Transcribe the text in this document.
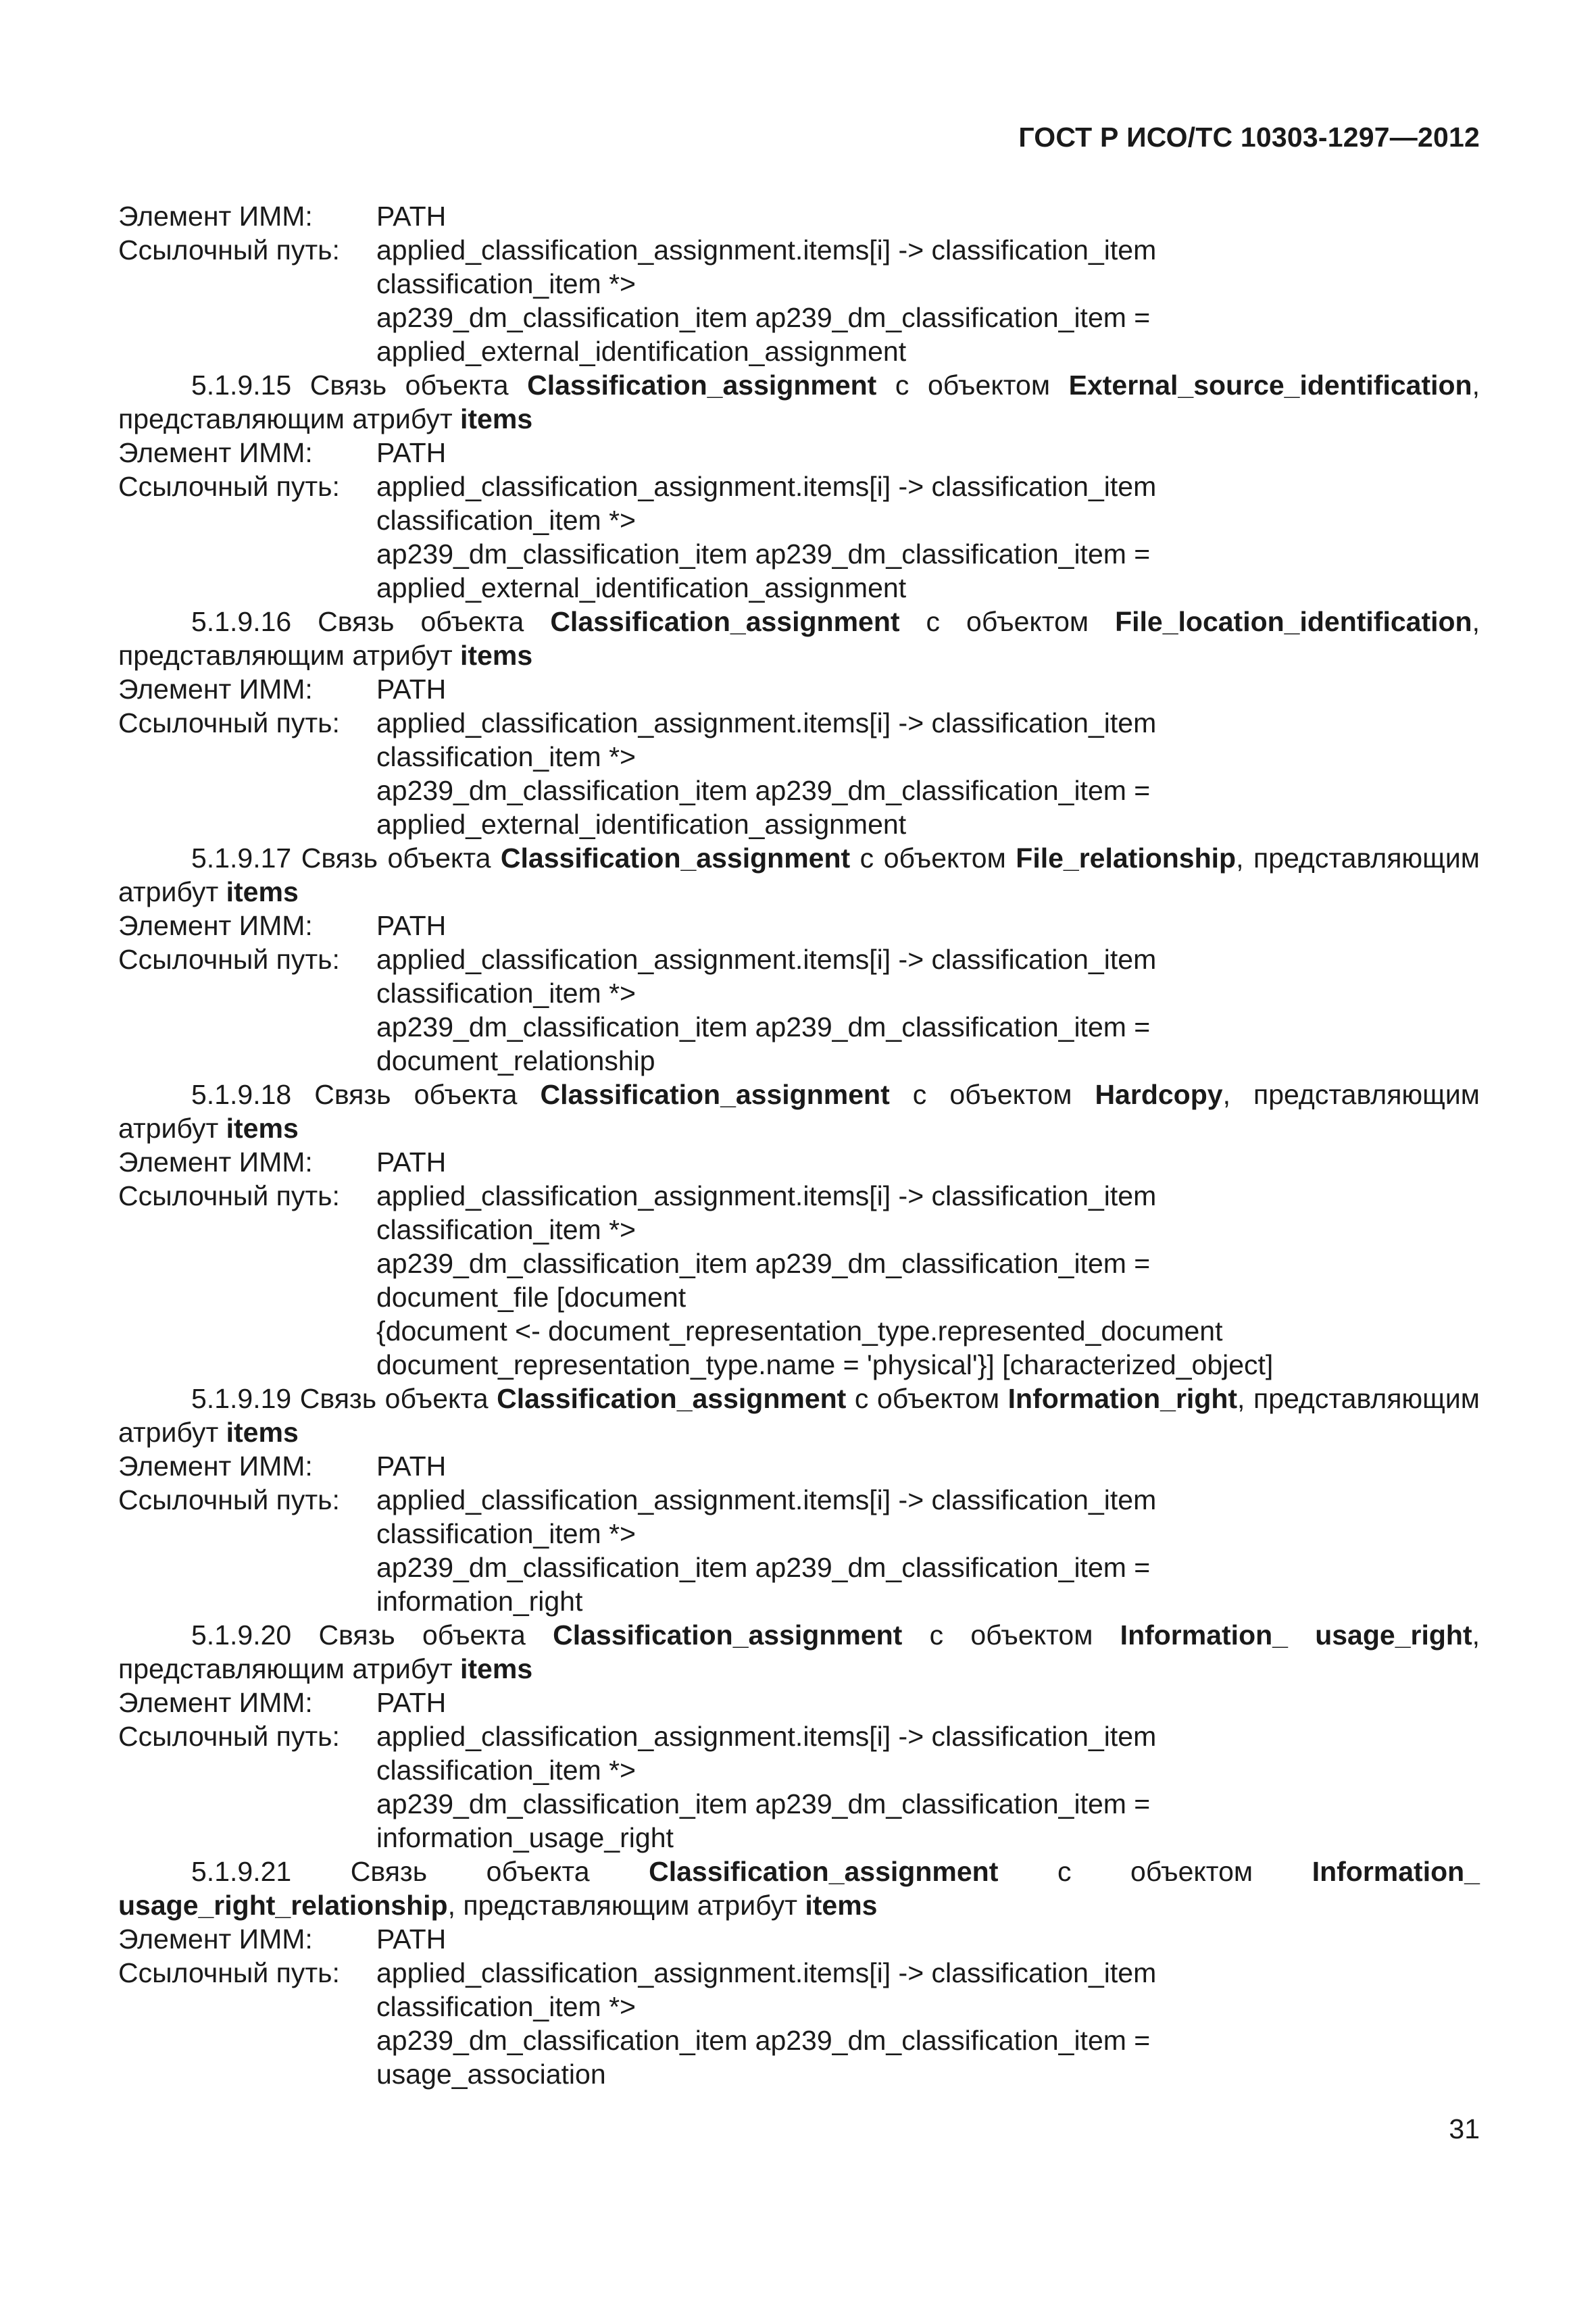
ГОСТ Р ИСО/ТС 10303-1297—2012
Элемент ИММ:	PATH
Ссылочный путь:	applied_classification_assignment.items[i] -> classification_item
classification_item *>
ap239_dm_classification_item ap239_dm_classification_item =
applied_external_identification_assignment

5.1.9.15 Связь объекта Classification_assignment с объектом External_source_identification, представляющим атрибут items

Элемент ИММ:	PATH
Ссылочный путь:	applied_classification_assignment.items[i] -> classification_item
classification_item *>
ap239_dm_classification_item ap239_dm_classification_item =
applied_external_identification_assignment

5.1.9.16 Связь объекта Classification_assignment с объектом File_location_identification, представляющим атрибут items

Элемент ИММ:	PATH
Ссылочный путь:	applied_classification_assignment.items[i] -> classification_item
classification_item *>
ap239_dm_classification_item ap239_dm_classification_item =
applied_external_identification_assignment

5.1.9.17 Связь объекта Classification_assignment с объектом File_relationship, представляющим атрибут items

Элемент ИММ:	PATH
Ссылочный путь:	applied_classification_assignment.items[i] -> classification_item
classification_item *>
ap239_dm_classification_item ap239_dm_classification_item =
document_relationship

5.1.9.18 Связь объекта Classification_assignment с объектом Hardcopy, представляющим атрибут items

Элемент ИММ:	PATH
Ссылочный путь:	applied_classification_assignment.items[i] -> classification_item
classification_item *>
ap239_dm_classification_item ap239_dm_classification_item =
document_file [document
{document <- document_representation_type.represented_document
document_representation_type.name = 'physical'}] [characterized_object]

5.1.9.19 Связь объекта Classification_assignment с объектом Information_right, представляющим атрибут items

Элемент ИММ:	PATH
Ссылочный путь:	applied_classification_assignment.items[i] -> classification_item
classification_item *>
ap239_dm_classification_item ap239_dm_classification_item =
information_right

5.1.9.20 Связь объекта Classification_assignment с объектом Information_ usage_right, представляющим атрибут items

Элемент ИММ:	PATH
Ссылочный путь:	applied_classification_assignment.items[i] -> classification_item
classification_item *>
ap239_dm_classification_item ap239_dm_classification_item =
information_usage_right

5.1.9.21 Связь объекта Classification_assignment с объектом Information_ usage_right_relationship, представляющим атрибут items

Элемент ИММ:	PATH
Ссылочный путь:	applied_classification_assignment.items[i] -> classification_item
classification_item *>
ap239_dm_classification_item ap239_dm_classification_item =
usage_association
31
